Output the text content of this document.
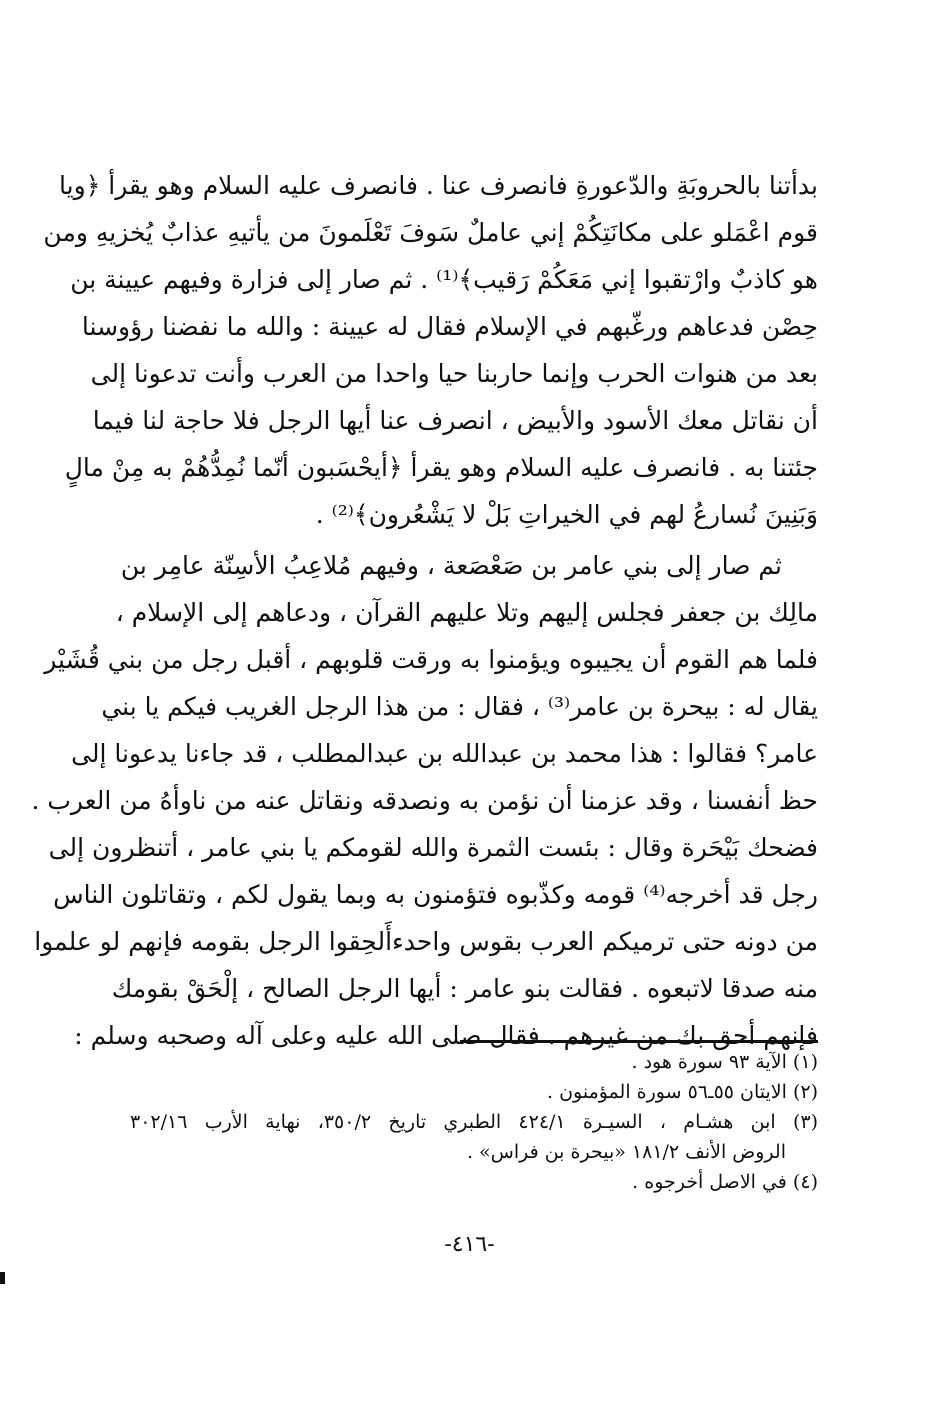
بدأتنا بالحروبَةِ والدّعورةِ فانصرف عنا . فانصرف عليه السلام وهو يقرأ ﴿ويا
قوم اعْمَلو على مكانَتِكُمْ إني عاملٌ سَوفَ تَعْلَمونَ من يأتيهِ عذابٌ يُخزيهِ ومن
هو كاذبٌ وارْتقبوا إني مَعَكُمْ رَقيب﴾⁽¹⁾ . ثم صار إلى فزارة وفيهم عيينة بن
حِصْن فدعاهم ورغّبهم في الإسلام فقال له عيينة : والله ما نفضنا رؤوسنا
بعد من هنوات الحرب وإنما حاربنا حيا واحدا من العرب وأنت تدعونا إلى
أن نقاتل معك الأسود والأبيض ، انصرف عنا أيها الرجل فلا حاجة لنا فيما
جئتنا به . فانصرف عليه السلام وهو يقرأ ﴿أيحْسَبون أنّما نُمِدُّهُمْ به مِنْ مالٍ
وَبَنِينَ نُسارعُ لهم في الخيراتِ بَلْ لا يَشْعُرون﴾⁽²⁾ .
ثم صار إلى بني عامر بن صَعْصَعة ، وفيهم مُلاعِبُ الأسِنّة عامِر بن
مالِك بن جعفر فجلس إليهم وتلا عليهم القرآن ، ودعاهم إلى الإسلام ،
فلما هم القوم أن يجيبوه ويؤمنوا به ورقت قلوبهم ، أقبل رجل من بني قُشَيْر
يقال له : بيحرة بن عامر⁽³⁾ ، فقال : من هذا الرجل الغريب فيكم يا بني
عامر؟ فقالوا : هذا محمد بن عبدالله بن عبدالمطلب ، قد جاءنا يدعونا إلى
حظ أنفسنا ، وقد عزمنا أن نؤمن به ونصدقه ونقاتل عنه من ناوأهُ من العرب .
فضحك بَيْحَرة وقال : بئست الثمرة والله لقومكم يا بني عامر ، أتنظرون إلى
رجل قد أخرجه⁽⁴⁾ قومه وكذّبوه فتؤمنون به وبما يقول لكم ، وتقاتلون الناس
من دونه حتى ترميكم العرب بقوس واحدءأَلحِقوا الرجل بقومه فإنهم لو علموا
منه صدقا لاتبعوه . فقالت بنو عامر : أيها الرجل الصالح ، إلْحَقْ بقومك
فإنهم أحق بك من غيرهم . فقال صلى الله عليه وعلى آله وصحبه وسلم :
(١) الآية ٩٣ سورة هود .
(٢) الايتان ٥٥ـ٥٦ سورة المؤمنون .
(٣) ابن هشـام ، السيـرة ٤٢٤/١ الطبري تاريخ ٣٥٠/٢، نهاية الأرب ٣٠٢/١٦
الروض الأنف ١٨١/٢ «بيحرة بن فراس» .
(٤) في الاصل أخرجوه .
-٤١٦-
